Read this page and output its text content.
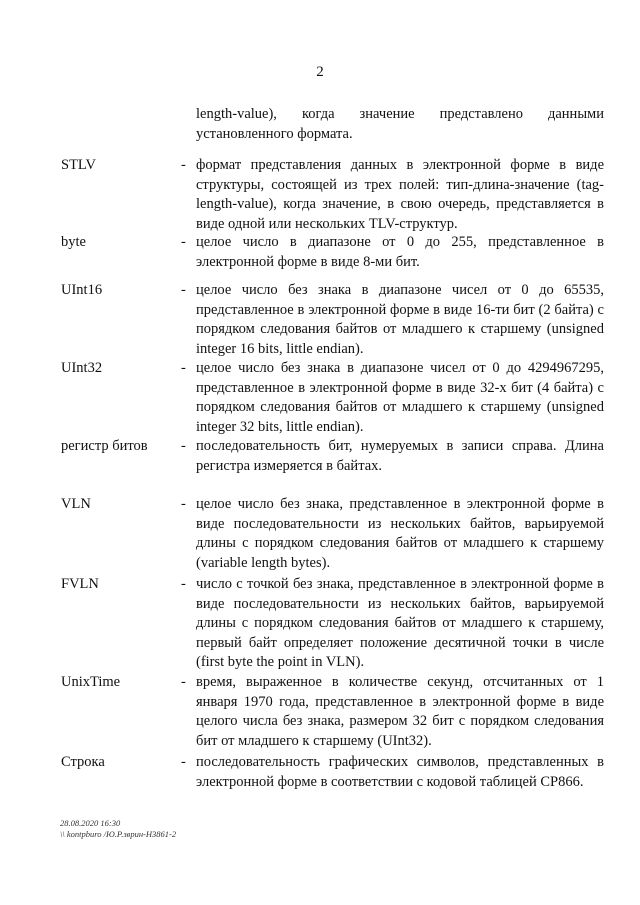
2
length-value), когда значение представлено данными установленного формата.
STLV	- формат представления данных в электронной форме в виде структуры, состоящей из трех полей: тип-длина-значение (tag-length-value), когда значение, в свою очередь, представляется в виде одной или нескольких TLV-структур.
byte	- целое число в диапазоне от 0 до 255, представленное в электронной форме в виде 8-ми бит.
UInt16	- целое число без знака в диапазоне чисел от 0 до 65535, представленное в электронной форме в виде 16-ти бит (2 байта) с порядком следования байтов от младшего к старшему (unsigned integer 16 bits, little endian).
UInt32	- целое число без знака в диапазоне чисел от 0 до 4294967295, представленное в электронной форме в виде 32-х бит (4 байта) с порядком следования байтов от младшего к старшему (unsigned integer 32 bits, little endian).
регистр битов	- последовательность бит, нумеруемых в записи справа. Длина регистра измеряется в байтах.
VLN	- целое число без знака, представленное в электронной форме в виде последовательности из нескольких байтов, варьируемой длины с порядком следования байтов от младшего к старшему (variable length bytes).
FVLN	- число с точкой без знака, представленное в электронной форме в виде последовательности из нескольких байтов, варьируемой длины с порядком следования байтов от младшего к старшему, первый байт определяет положение десятичной точки в числе (first byte the point in VLN).
UnixTime	- время, выраженное в количестве секунд, отсчитанных от 1 января 1970 года, представленное в электронной форме в виде целого числа без знака, размером 32 бит с порядком следования бит от младшего к старшему (UInt32).
Строка	- последовательность графических символов, представленных в электронной форме в соответствии с кодовой таблицей CP866.
28.08.2020 16:30
\\ kontpburo /Ю.Р.зврин-Н3861-2
